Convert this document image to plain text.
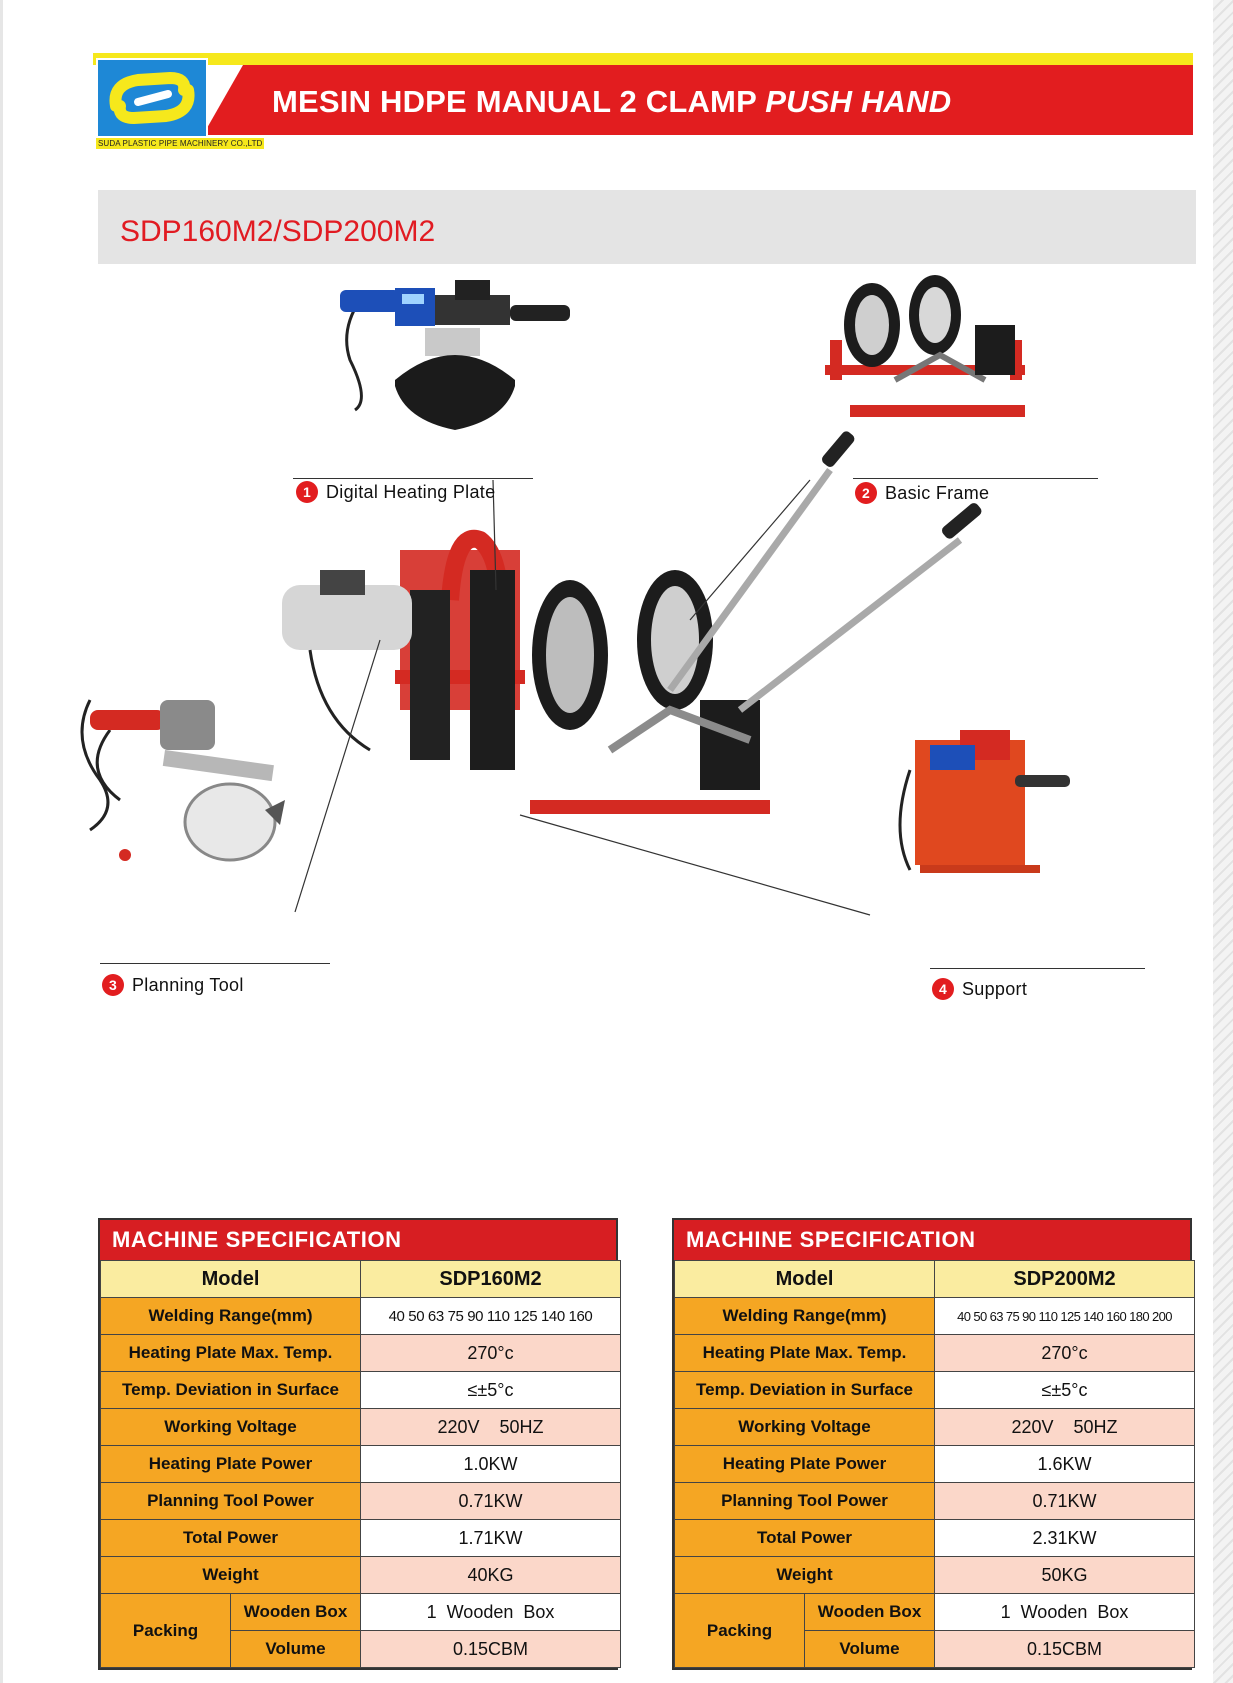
MESIN HDPE MANUAL 2 CLAMP PUSH HAND
SUDA PLASTIC PIPE MACHINERY CO.,LTD
SDP160M2/SDP200M2
1 Digital Heating Plate	2 Basic Frame
3 Planning Tool	4 Support
MACHINE SPECIFICATION
Model		SDP160M2
Welding Range(mm)		40 50 63 75 90 110 125 140 160
Heating Plate Max. Temp.		270°c
Temp. Deviation in Surface		≤±5°c
Working Voltage		220V    50HZ
Heating Plate Power		1.0KW
Planning Tool Power		0.71KW
Total Power		1.71KW
Weight		40KG
Packing	Wooden Box	1  Wooden  Box
	Volume	0.15CBM
MACHINE SPECIFICATION
Model		SDP200M2
Welding Range(mm)		40 50 63 75 90 110 125 140 160 180 200
Heating Plate Max. Temp.		270°c
Temp. Deviation in Surface		≤±5°c
Working Voltage		220V    50HZ
Heating Plate Power		1.6KW
Planning Tool Power		0.71KW
Total Power		2.31KW
Weight		50KG
Packing	Wooden Box	1  Wooden  Box
	Volume	0.15CBM
